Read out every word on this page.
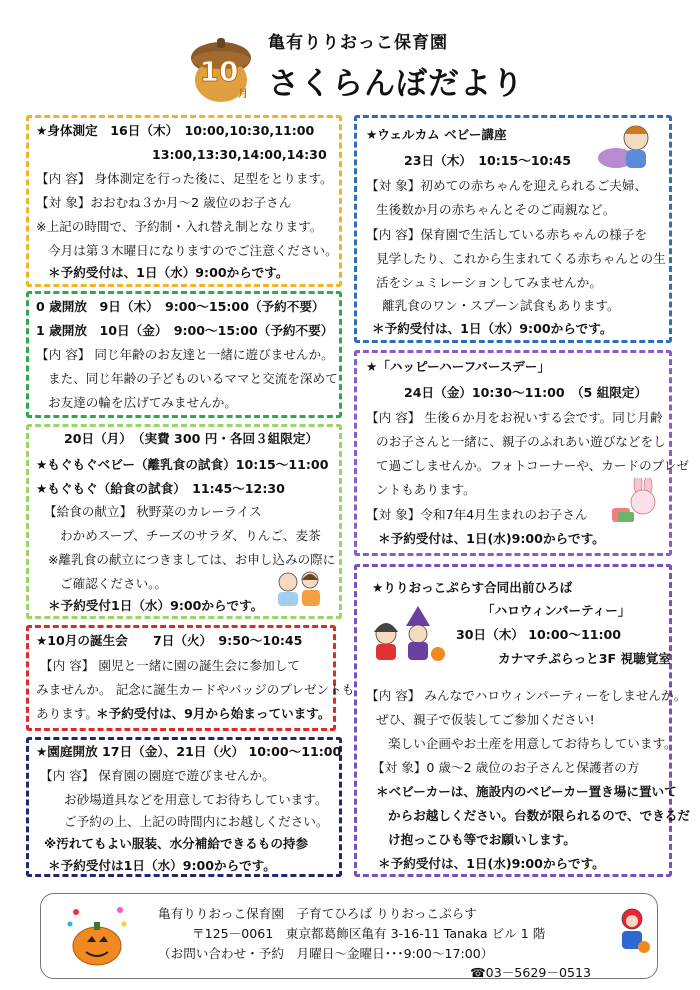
10
月
亀有りりおっこ保育園
さくらんぼだより
★身体測定　16日（木）　10:00,10:30,11:00
13:00,13:30,14:00,14:30
【内 容】 身体測定を行った後に、足型をとります。
【対 象】おおむね３か月～2 歳位のお子さん
※上記の時間で、予約制・入れ替え制となります。
今月は第３木曜日になりますのでご注意ください。
＊予約受付は、1日（水）9:00からです。
0 歳開放　9日（木）　9:00～15:00（予約不要）
1 歳開放　10日（金）　9:00～15:00（予約不要）
【内 容】 同じ年齢のお友達と一緒に遊びませんか。
また、同じ年齢の子どものいるママと交流を深めて
お友達の輪を広げてみませんか。
20日（月）　（実費 300 円・各回３組限定）
★もぐもぐベビー（離乳食の試食）10:15～11:00
★もぐもぐ（給食の試食）　11:45～12:30
【給食の献立】 秋野菜のカレーライス
わかめスープ、チーズのサラダ、りんご、麦茶
※離乳食の献立につきましては、お申し込みの際に
ご確認ください。。
＊予約受付1日（水）9:00からです。
★10月の誕生会　　7日（火）　9:50～10:45
【内 容】 園児と一緒に園の誕生会に参加して
みませんか。 記念に誕生カードやバッジのプレゼントも
あります。
＊予約受付は、9月から始まっています。
★園庭開放 17日（金）、21日（火） 10:00～11:00
【内 容】 保育園の園庭で遊びませんか。
お砂場道具などを用意してお待ちしています。
ご予約の上、上記の時間内にお越しください。
※汚れてもよい服装、水分補給できるもの持参
＊予約受付は1日（水）9:00からです。
★ウェルカム ベビー講座
23日（木）　10:15～10:45
【対 象】初めての赤ちゃんを迎えられるご夫婦、
生後数か月の赤ちゃんとそのご両親など。
【内 容】保育園で生活している赤ちゃんの様子を
見学したり、これから生まれてくる赤ちゃんとの生
活をシュミレーションしてみませんか。
離乳食のワン・スプーン試食もあります。
＊予約受付は、1日（水）9:00からです。
★「ハッピーハーフバースデー」
24日（金）10:30～11:00　（5 組限定）
【内 容】 生後６か月をお祝いする会です。同じ月齢
のお子さんと一緒に、親子のふれあい遊びなどをし
て過ごしませんか。フォトコーナーや、カードのプレゼ
ントもあります。
【対 象】令和7年4月生まれのお子さん
＊予約受付は、1日(水)9:00からです。
★りりおっこぷらす合同出前ひろば
「ハロウィンパーティー」
30日（木） 10:00～11:00
カナマチぷらっと3F 視聴覚室
【内 容】 みんなでハロウィンパーティーをしませんか。
ぜひ、親子で仮装してご参加ください!
楽しい企画やお土産を用意してお待ちしています。
【対 象】0 歳～2 歳位のお子さんと保護者の方
＊ベビーカーは、施設内のベビーカー置き場に置いて
からお越しください。台数が限られるので、できるだ
け抱っこひも等でお願いします。
＊予約受付は、1日(水)9:00からです。
亀有りりおっこ保育園　子育てひろば りりおっこぷらす
〒125－0061　東京都葛飾区亀有 3-16-11 Tanaka ビル 1 階
（お問い合わせ・予約　月曜日～金曜日･･･9:00～17:00）
☎03－5629－0513
